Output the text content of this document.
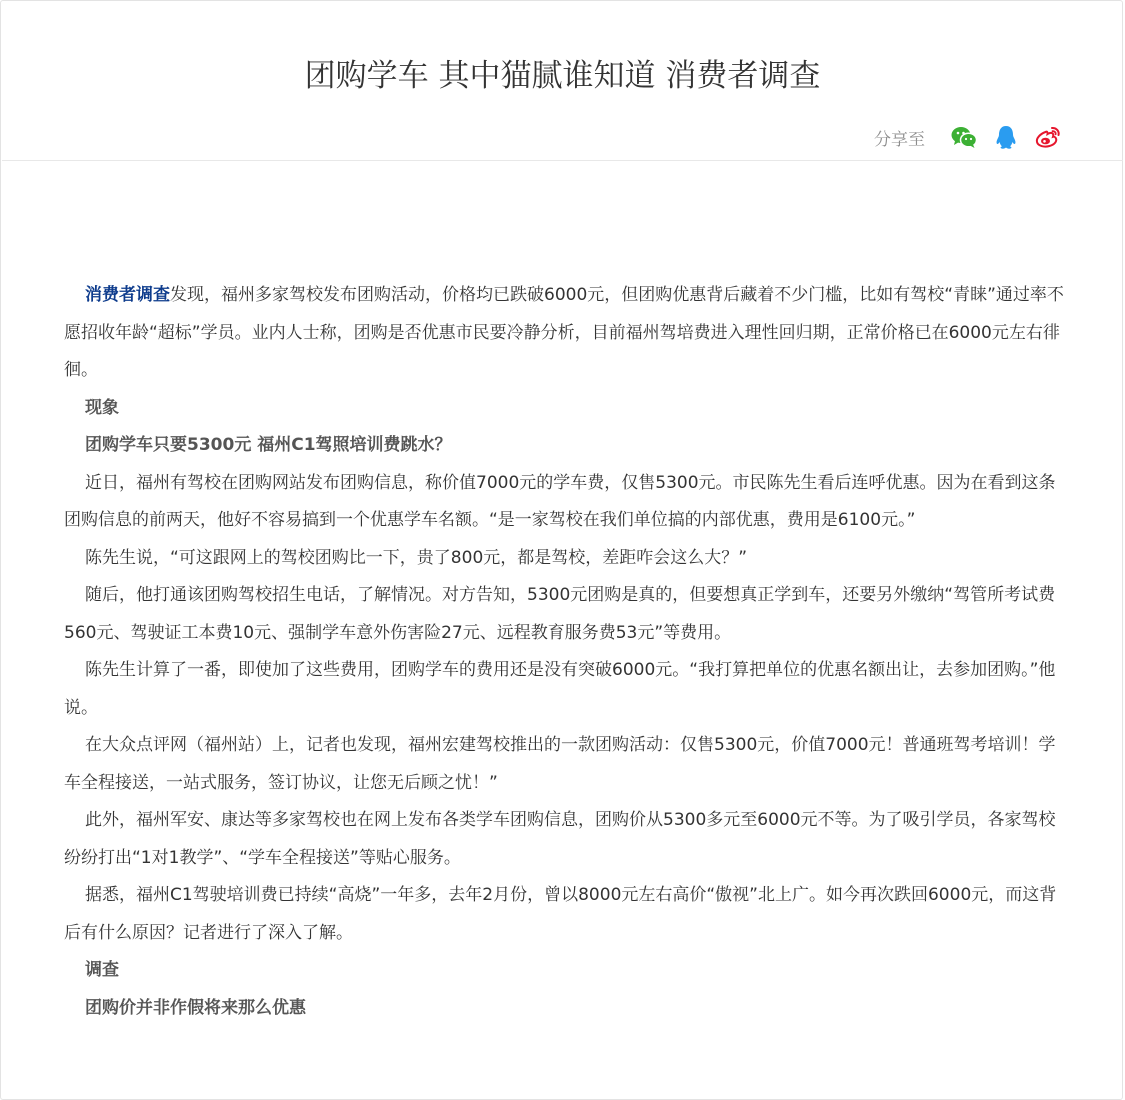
团购学车 其中猫腻谁知道 消费者调查
分享至

消费者调查发现，福州多家驾校发布团购活动，价格均已跌破6000元，但团购优惠背后藏着不少门槛，比如有驾校“青睐”通过率不愿招收年龄“超标”学员。业内人士称，团购是否优惠市民要冷静分析，目前福州驾培费进入理性回归期，正常价格已在6000元左右徘徊。

现象

团购学车只要5300元 福州C1驾照培训费跳水？

近日，福州有驾校在团购网站发布团购信息，称价值7000元的学车费，仅售5300元。市民陈先生看后连呼优惠。因为在看到这条团购信息的前两天，他好不容易搞到一个优惠学车名额。“是一家驾校在我们单位搞的内部优惠，费用是6100元。”

陈先生说，“可这跟网上的驾校团购比一下，贵了800元，都是驾校，差距咋会这么大？”

随后，他打通该团购驾校招生电话，了解情况。对方告知，5300元团购是真的，但要想真正学到车，还要另外缴纳“驾管所考试费560元、驾驶证工本费10元、强制学车意外伤害险27元、远程教育服务费53元”等费用。

陈先生计算了一番，即使加了这些费用，团购学车的费用还是没有突破6000元。“我打算把单位的优惠名额出让，去参加团购。”他说。

在大众点评网（福州站）上，记者也发现，福州宏建驾校推出的一款团购活动：仅售5300元，价值7000元！普通班驾考培训！学车全程接送，一站式服务，签订协议，让您无后顾之忧！”

此外，福州军安、康达等多家驾校也在网上发布各类学车团购信息，团购价从5300多元至6000元不等。为了吸引学员，各家驾校纷纷打出“1对1教学”、“学车全程接送”等贴心服务。

据悉，福州C1驾驶培训费已持续“高烧”一年多，去年2月份，曾以8000元左右高价“傲视”北上广。如今再次跌回6000元，而这背后有什么原因？记者进行了深入了解。

调查

团购价并非作假将来那么优惠
